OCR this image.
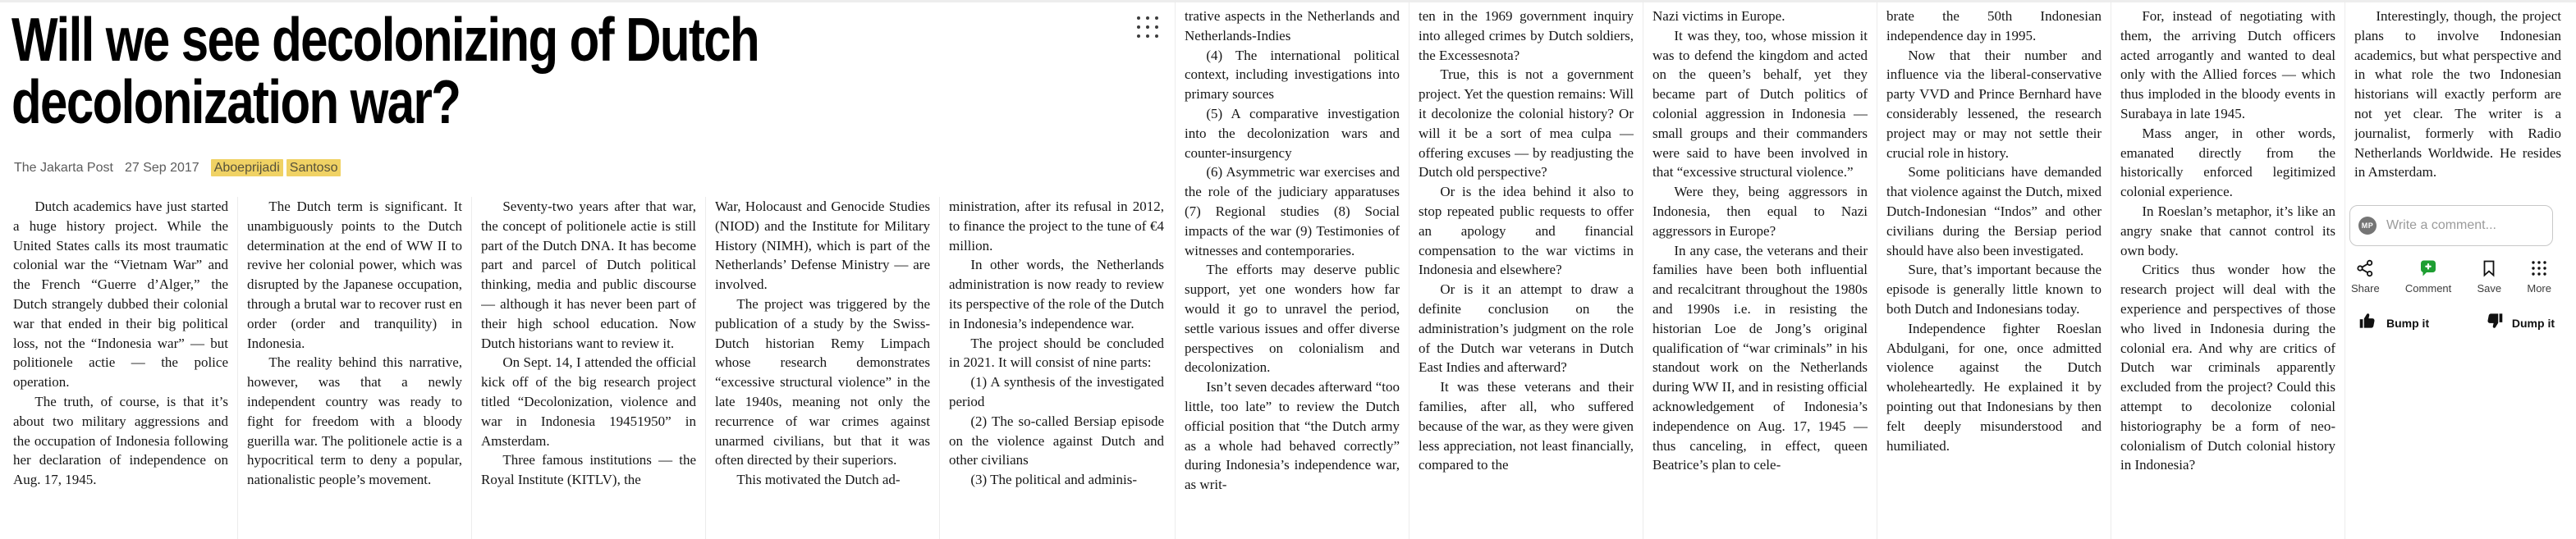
Will we see decolonizing of Dutch
decolonization war?
The Jakarta Post 27 Sep 2017 Aboeprijadi Santoso

Dutch academics have just started a huge history project. While the United States calls its most traumatic colonial war the “Vietnam War” and the French “Guerre d’Alger,” the Dutch strangely dubbed their colonial war that ended in their big political loss, not the “Indonesia war” — but politionele actie — the police operation.

The truth, of course, is that it’s about two military aggressions and the occupation of Indonesia following her declaration of independence on Aug. 17, 1945.

The Dutch term is significant. It unambiguously points to the Dutch determination at the end of WW II to revive her colonial power, which was disrupted by the Japanese occupation, through a brutal war to recover rust en order (order and tranquility) in Indonesia.

The reality behind this narrative, however, was that a newly independent country was ready to fight for freedom with a bloody guerilla war. The politionele actie is a hypocritical term to deny a popular, nationalistic people’s movement.

Seventy-two years after that war, the concept of politionele actie is still part of the Dutch DNA. It has become part and parcel of Dutch political thinking, media and public discourse — although it has never been part of their high school education. Now Dutch historians want to review it.

On Sept. 14, I attended the official kick off of the big research project titled “Decolonization, violence and war in Indonesia 19451950” in Amsterdam.

Three famous institutions — the Royal Institute (KITLV), the

War, Holocaust and Genocide Studies (NIOD) and the Institute for Military History (NIMH), which is part of the Netherlands’ Defense Ministry — are involved.

The project was triggered by the publication of a study by the Swiss-Dutch historian Remy Limpach whose research demonstrates “excessive structural violence” in the late 1940s, meaning not only the recurrence of war crimes against unarmed civilians, but that it was often directed by their superiors.

This motivated the Dutch ad-

ministration, after its refusal in 2012, to finance the project to the tune of €4 million.

In other words, the Netherlands administration is now ready to review its perspective of the role of the Dutch in Indonesia’s independence war.

The project should be concluded in 2021. It will consist of nine parts:

(1) A synthesis of the investigated period

(2) The so-called Bersiap episode on the violence against Dutch and other civilians

(3) The political and adminis-

trative aspects in the Netherlands and Netherlands-Indies

(4) The international political context, including investigations into primary sources

(5) A comparative investigation into the decolonization wars and counter-insurgency

(6) Asymmetric war exercises and the role of the judiciary apparatuses (7) Regional studies (8) Social impacts of the war (9) Testimonies of witnesses and contemporaries.

The efforts may deserve public support, yet one wonders how far would it go to unravel the period, settle various issues and offer diverse perspectives on colonialism and decolonization.

Isn’t seven decades afterward “too little, too late” to review the Dutch official position that “the Dutch army as a whole had behaved correctly” during Indonesia’s independence war, as writ-

ten in the 1969 government inquiry into alleged crimes by Dutch soldiers, the Excessesnota?

True, this is not a government project. Yet the question remains: Will it decolonize the colonial history? Or will it be a sort of mea culpa — offering excuses — by readjusting the Dutch old perspective?

Or is the idea behind it also to stop repeated public requests to offer an apology and financial compensation to the war victims in Indonesia and elsewhere?

Or is it an attempt to draw a definite conclusion on the administration’s judgment on the role of the Dutch war veterans in Dutch East Indies and afterward?

It was these veterans and their families, after all, who suffered because of the war, as they were given less appreciation, not least financially, compared to the

Nazi victims in Europe.

It was they, too, whose mission it was to defend the kingdom and acted on the queen’s behalf, yet they became part of Dutch politics of colonial aggression in Indonesia — small groups and their commanders were said to have been involved in that “excessive structural violence.”

Were they, being aggressors in Indonesia, then equal to Nazi aggressors in Europe?

In any case, the veterans and their families have been both influential and recalcitrant throughout the 1980s and 1990s i.e. in resisting the historian Loe de Jong’s original qualification of “war criminals” in his standout work on the Netherlands during WW II, and in resisting official acknowledgement of Indonesia’s independence on Aug. 17, 1945 — thus canceling, in effect, queen Beatrice’s plan to cele-

brate the 50th Indonesian independence day in 1995.

Now that their number and influence via the liberal-conservative party VVD and Prince Bernhard have considerably lessened, the research project may or may not settle their crucial role in history.

Some politicians have demanded that violence against the Dutch, mixed Dutch-Indonesian “Indos” and other civilians during the Bersiap period should have also been investigated.

Sure, that’s important because the episode is generally little known to both Dutch and Indonesians today.

Independence fighter Roeslan Abdulgani, for one, once admitted violence against the Dutch wholeheartedly. He explained it by pointing out that Indonesians by then felt deeply misunderstood and humiliated.

For, instead of negotiating with them, the arriving Dutch officers acted arrogantly and wanted to deal only with the Allied forces — which thus imploded in the bloody events in Surabaya in late 1945.

Mass anger, in other words, emanated directly from the historically enforced legitimized colonial experience.

In Roeslan’s metaphor, it’s like an angry snake that cannot control its own body.

Critics thus wonder how the research project will deal with the experience and perspectives of those who lived in Indonesia during the colonial era. And why are critics of Dutch war criminals apparently excluded from the project? Could this attempt to decolonize colonial historiography be a form of neo-colonialism of Dutch colonial history in Indonesia?

Interestingly, though, the project plans to involve Indonesian academics, but what perspective and in what role the two Indonesian historians will exactly perform are not yet clear. The writer is a journalist, formerly with Radio Netherlands Worldwide. He resides in Amsterdam.

MP
Write a comment...
Share Comment Save More
Bump it	Dump it
